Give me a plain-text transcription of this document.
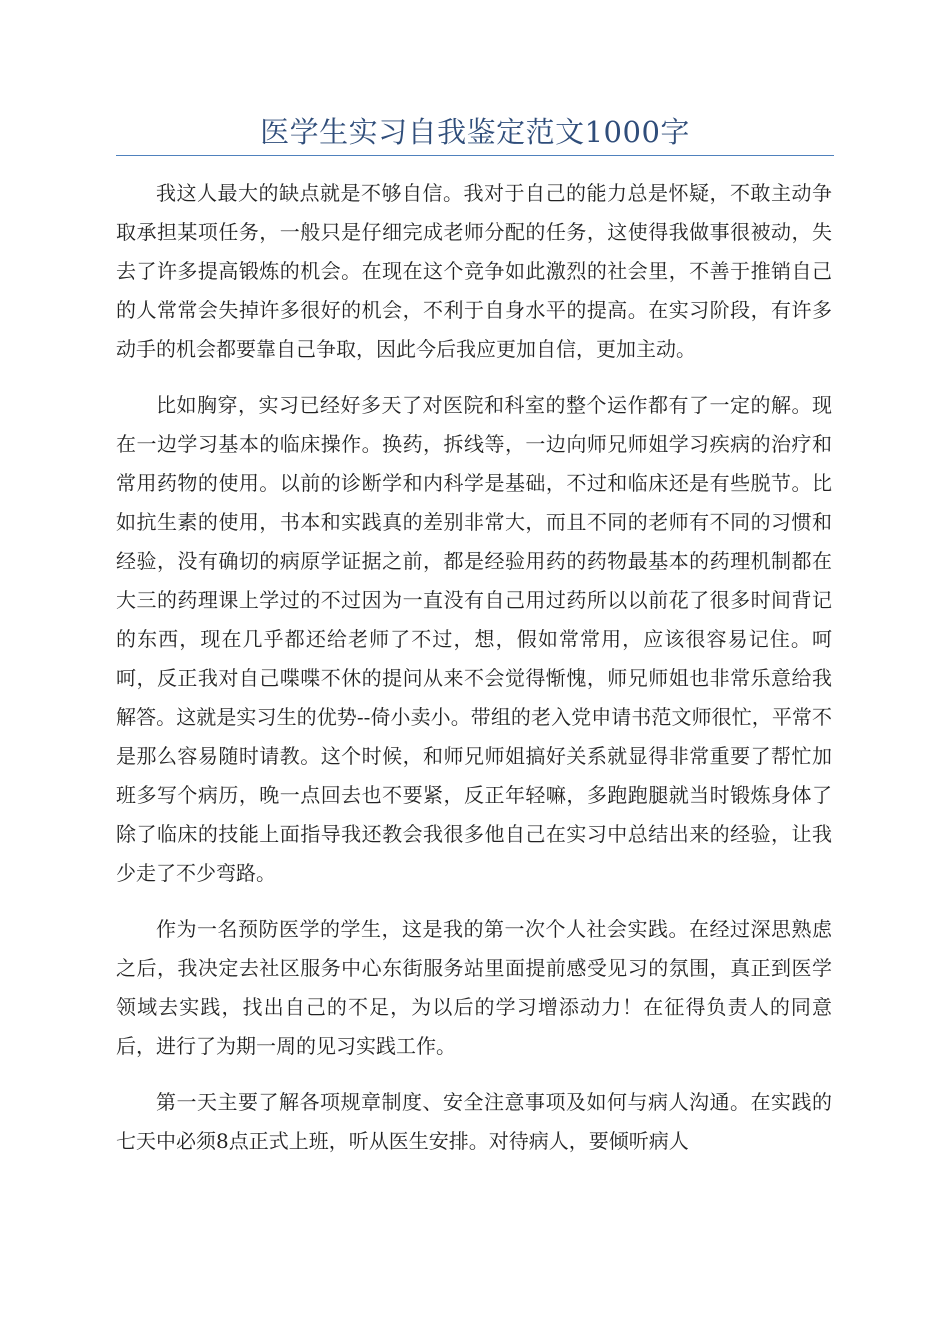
医学生实习自我鉴定范文1000字

我这人最大的缺点就是不够自信。我对于自己的能力总是怀疑，不敢主动争取承担某项任务，一般只是仔细完成老师分配的任务，这使得我做事很被动，失去了许多提高锻炼的机会。在现在这个竞争如此激烈的社会里，不善于推销自己的人常常会失掉许多很好的机会，不利于自身水平的提高。在实习阶段，有许多动手的机会都要靠自己争取，因此今后我应更加自信，更加主动。

比如胸穿，实习已经好多天了对医院和科室的整个运作都有了一定的解。现在一边学习基本的临床操作。换药，拆线等，一边向师兄师姐学习疾病的治疗和常用药物的使用。以前的诊断学和内科学是基础，不过和临床还是有些脱节。比如抗生素的使用，书本和实践真的差别非常大，而且不同的老师有不同的习惯和经验，没有确切的病原学证据之前，都是经验用药的药物最基本的药理机制都在大三的药理课上学过的不过因为一直没有自己用过药所以以前花了很多时间背记的东西，现在几乎都还给老师了不过，想，假如常常用，应该很容易记住。呵呵，反正我对自己喋喋不休的提问从来不会觉得惭愧，师兄师姐也非常乐意给我解答。这就是实习生的优势--倚小卖小。带组的老入党申请书范文师很忙，平常不是那么容易随时请教。这个时候，和师兄师姐搞好关系就显得非常重要了帮忙加班多写个病历，晚一点回去也不要紧，反正年轻嘛，多跑跑腿就当时锻炼身体了除了临床的技能上面指导我还教会我很多他自己在实习中总结出来的经验，让我少走了不少弯路。

作为一名预防医学的学生，这是我的第一次个人社会实践。在经过深思熟虑之后，我决定去社区服务中心东街服务站里面提前感受见习的氛围，真正到医学领域去实践，找出自己的不足，为以后的学习增添动力！在征得负责人的同意后，进行了为期一周的见习实践工作。

第一天主要了解各项规章制度、安全注意事项及如何与病人沟通。在实践的七天中必须8点正式上班，听从医生安排。对待病人，要倾听病人
